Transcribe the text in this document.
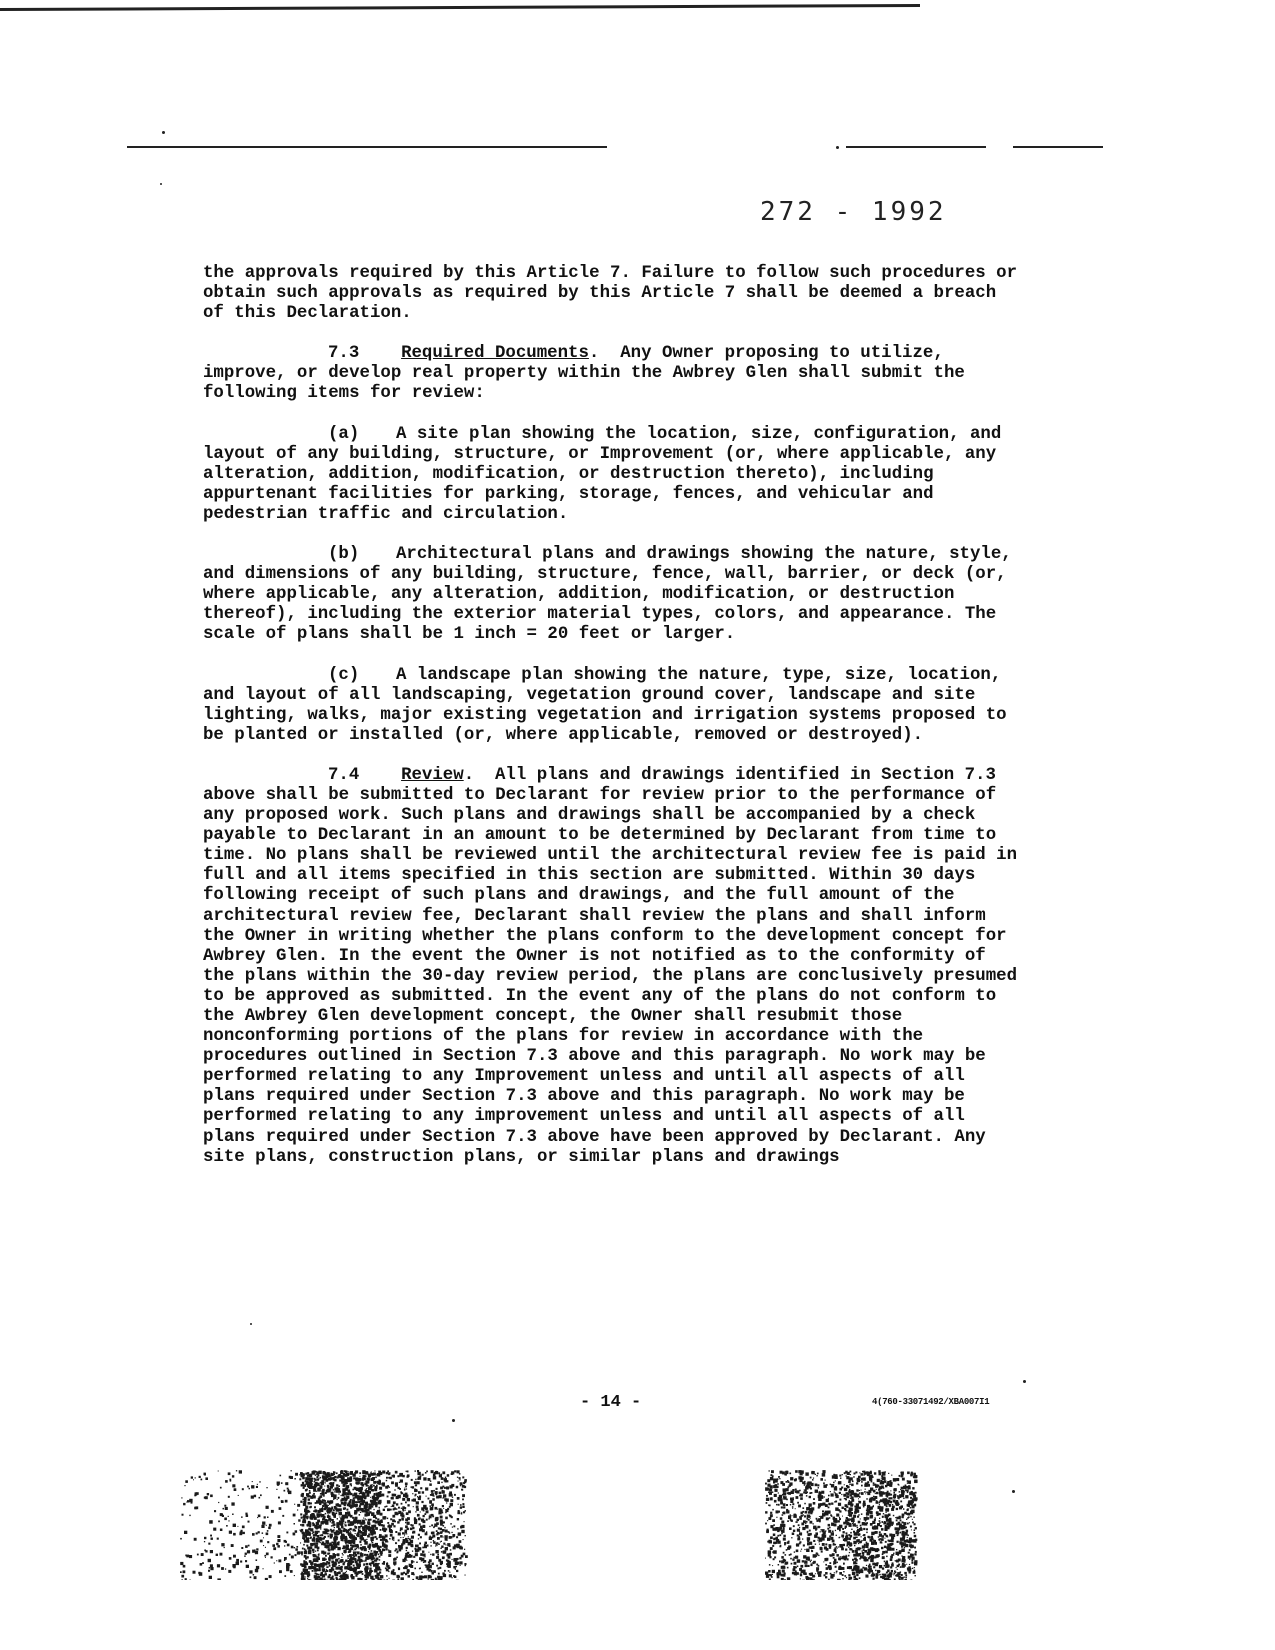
272 - 1992

the approvals required by this Article 7. Failure to follow such procedures or obtain such approvals as required by this Article 7 shall be deemed a breach of this Declaration.

7.3 Required Documents.  Any Owner proposing to utilize, improve, or develop real property within the Awbrey Glen shall submit the following items for review:

(a) A site plan showing the location, size, configuration, and layout of any building, structure, or Improvement (or, where applicable, any alteration, addition, modification, or destruction thereto), including appurtenant facilities for parking, storage, fences, and vehicular and pedestrian traffic and circulation.

(b) Architectural plans and drawings showing the nature, style, and dimensions of any building, structure, fence, wall, barrier, or deck (or, where applicable, any alteration, addition, modification, or destruction thereof), including the exterior material types, colors, and appearance. The scale of plans shall be 1 inch = 20 feet or larger.

(c) A landscape plan showing the nature, type, size, location, and layout of all landscaping, vegetation ground cover, landscape and site lighting, walks, major existing vegetation and irrigation systems proposed to be planted or installed (or, where applicable, removed or destroyed).

7.4 Review.  All plans and drawings identified in Section 7.3 above shall be submitted to Declarant for review prior to the performance of any proposed work. Such plans and drawings shall be accompanied by a check payable to Declarant in an amount to be determined by Declarant from time to time. No plans shall be reviewed until the architectural review fee is paid in full and all items specified in this section are submitted. Within 30 days following receipt of such plans and drawings, and the full amount of the architectural review fee, Declarant shall review the plans and shall inform the Owner in writing whether the plans conform to the development concept for Awbrey Glen. In the event the Owner is not notified as to the conformity of the plans within the 30-day review period, the plans are conclusively presumed to be approved as submitted. In the event any of the plans do not conform to the Awbrey Glen development concept, the Owner shall resubmit those nonconforming portions of the plans for review in accordance with the procedures outlined in Section 7.3 above and this paragraph. No work may be performed relating to any Improvement unless and until all aspects of all plans required under Section 7.3 above and this paragraph. No work may be performed relating to any improvement unless and until all aspects of all plans required under Section 7.3 above have been approved by Declarant. Any site plans, construction plans, or similar plans and drawings

- 14 -	4(760-33071492/XBA007I1
